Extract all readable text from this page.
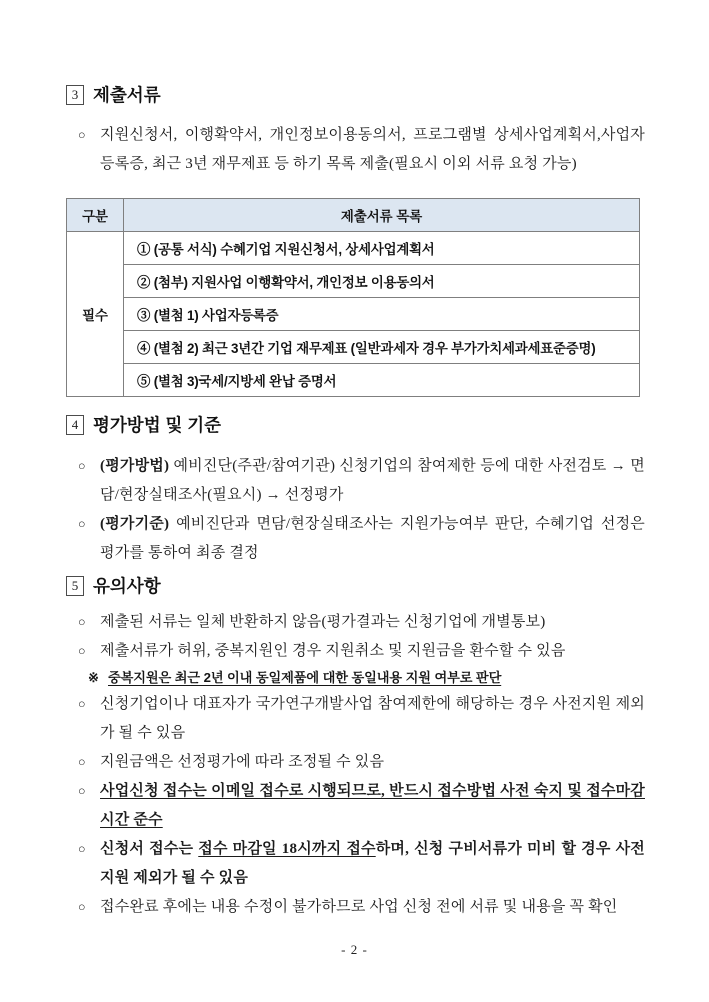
3 제출서류
○ 지원신청서, 이행확약서, 개인정보이용동의서, 프로그램별 상세사업계획서,사업자등록증, 최근 3년 재무제표 등 하기 목록 제출(필요시 이외 서류 요청 가능)
구분	제출서류 목록
필수	① (공통 서식) 수혜기업 지원신청서, 상세사업계획서
	② (첨부) 지원사업 이행확약서, 개인정보 이용동의서
	③ (별첨 1) 사업자등록증
	④ (별첨 2) 최근 3년간 기업 재무제표 (일반과세자 경우 부가가치세과세표준증명)
	⑤ (별첨 3)국세/지방세 완납 증명서
4 평가방법 및 기준
○ (평가방법) 예비진단(주관/참여기관) 신청기업의 참여제한 등에 대한 사전검토 → 면담/현장실태조사(필요시) → 선정평가
○ (평가기준) 예비진단과 면담/현장실태조사는 지원가능여부 판단, 수혜기업 선정은 평가를 통하여 최종 결정
5 유의사항
○ 제출된 서류는 일체 반환하지 않음(평가결과는 신청기업에 개별통보)
○ 제출서류가 허위, 중복지원인 경우 지원취소 및 지원금을 환수할 수 있음
※ 중복지원은 최근 2년 이내 동일제품에 대한 동일내용 지원 여부로 판단
○ 신청기업이나 대표자가 국가연구개발사업 참여제한에 해당하는 경우 사전지원 제외가 될 수 있음
○ 지원금액은 선정평가에 따라 조정될 수 있음
○ 사업신청 접수는 이메일 접수로 시행되므로, 반드시 접수방법 사전 숙지 및 접수마감 시간 준수
○ 신청서 접수는 접수 마감일 18시까지 접수하며, 신청 구비서류가 미비 할 경우 사전 지원 제외가 될 수 있음
○ 접수완료 후에는 내용 수정이 불가하므로 사업 신청 전에 서류 및 내용을 꼭 확인
- 2 -
